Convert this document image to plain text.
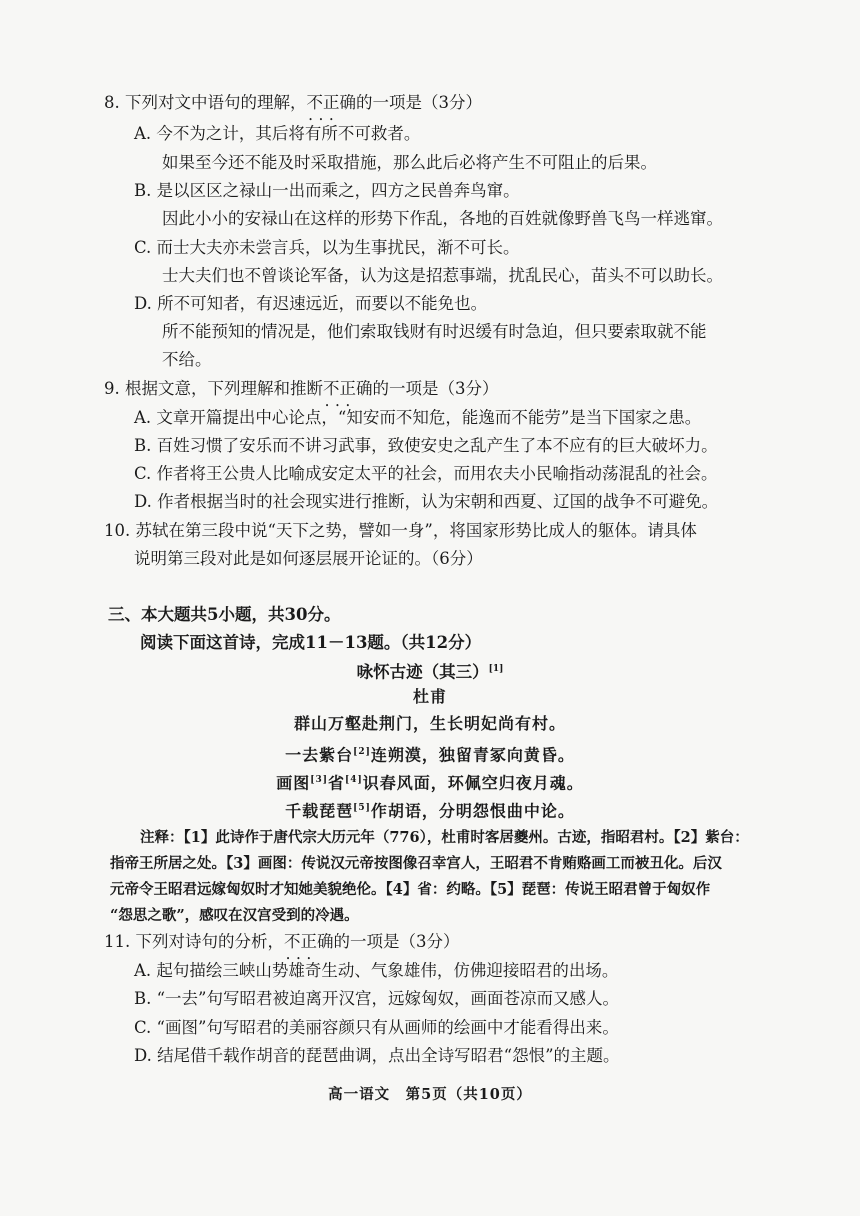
8. 下列对文中语句的理解，不正确 • • •的一项是（3分）
A. 今不为之计，其后将有所不可救者。
如果至今还不能及时采取措施，那么此后必将产生不可阻止的后果。
B. 是以区区之禄山一出而乘之，四方之民兽奔鸟窜。
因此小小的安禄山在这样的形势下作乱，各地的百姓就像野兽飞鸟一样逃窜。
C. 而士大夫亦未尝言兵，以为生事扰民，渐不可长。
士大夫们也不曾谈论军备，认为这是招惹事端，扰乱民心，苗头不可以助长。
D. 所不可知者，有迟速远近，而要以不能免也。
所不能预知的情况是，他们索取钱财有时迟缓有时急迫，但只要索取就不能
不给。
9. 根据文意，下列理解和推断不正确 • • •的一项是（3分）
A. 文章开篇提出中心论点，“知安而不知危，能逸而不能劳”是当下国家之患。
B. 百姓习惯了安乐而不讲习武事，致使安史之乱产生了本不应有的巨大破坏力。
C. 作者将王公贵人比喻成安定太平的社会，而用农夫小民喻指动荡混乱的社会。
D. 作者根据当时的社会现实进行推断，认为宋朝和西夏、辽国的战争不可避免。
10. 苏轼在第三段中说“天下之势，譬如一身”，将国家形势比成人的躯体。请具体
说明第三段对此是如何逐层展开论证的。（6分）
三、本大题共5小题，共30分。
阅读下面这首诗，完成11－13题。（共12分）
咏怀古迹（其三）[1]
杜甫
群山万壑赴荆门，生长明妃尚有村。
一去紫台[2]连朔漠，独留青冢向黄昏。
画图[3]省[4]识春风面，环佩空归夜月魂。
千载琵琶[5]作胡语，分明怨恨曲中论。
注释：【1】此诗作于唐代宗大历元年（776），杜甫时客居夔州。古迹，指昭君村。【2】紫台：
指帝王所居之处。【3】画图：传说汉元帝按图像召幸宫人，王昭君不肯贿赂画工而被丑化。后汉
元帝令王昭君远嫁匈奴时才知她美貌绝伦。【4】省：约略。【5】琵琶：传说王昭君曾于匈奴作
“怨思之歌”，感叹在汉宫受到的冷遇。
11. 下列对诗句的分析，不正确 • • •的一项是（3分）
A. 起句描绘三峡山势雄奇生动、气象雄伟，仿佛迎接昭君的出场。
B. “一去”句写昭君被迫离开汉宫，远嫁匈奴，画面苍凉而又感人。
C. “画图”句写昭君的美丽容颜只有从画师的绘画中才能看得出来。
D. 结尾借千载作胡音的琵琶曲调，点出全诗写昭君“怨恨”的主题。
高一语文　第5页（共10页）
